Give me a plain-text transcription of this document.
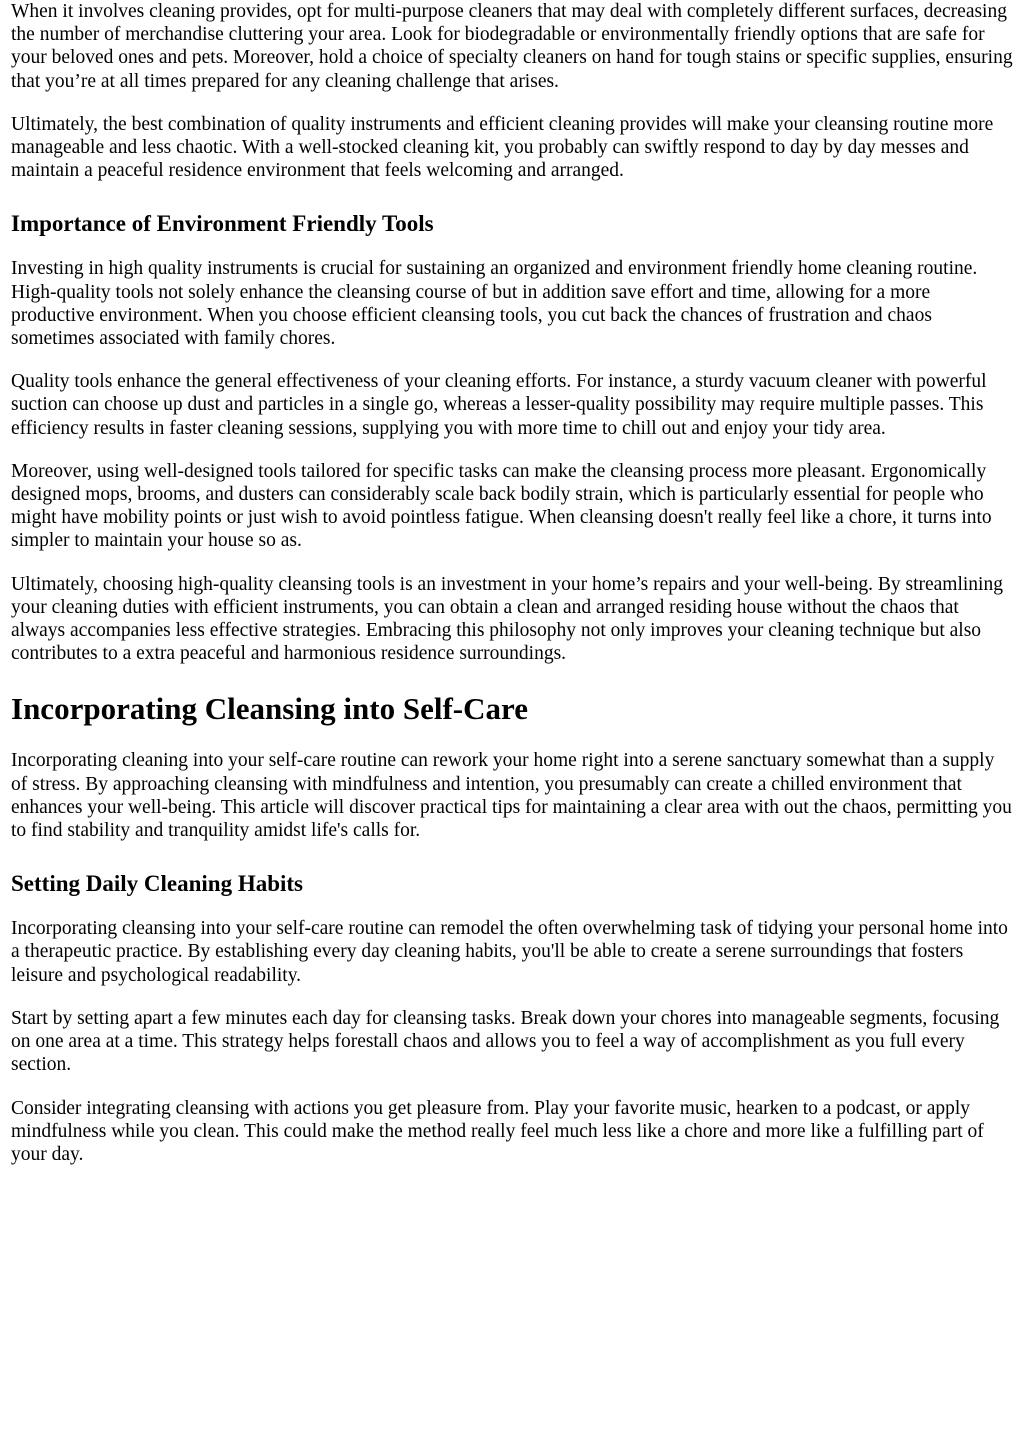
When it involves cleaning provides, opt for multi-purpose cleaners that may deal with completely different surfaces, decreasing the number of merchandise cluttering your area. Look for biodegradable or environmentally friendly options that are safe for your beloved ones and pets. Moreover, hold a choice of specialty cleaners on hand for tough stains or specific supplies, ensuring that you’re at all times prepared for any cleaning challenge that arises.

Ultimately, the best combination of quality instruments and efficient cleaning provides will make your cleansing routine more manageable and less chaotic. With a well-stocked cleaning kit, you probably can swiftly respond to day by day messes and maintain a peaceful residence environment that feels welcoming and arranged.

Importance of Environment Friendly Tools

Investing in high quality instruments is crucial for sustaining an organized and environment friendly home cleaning routine. High-quality tools not solely enhance the cleansing course of but in addition save effort and time, allowing for a more productive environment. When you choose efficient cleansing tools, you cut back the chances of frustration and chaos sometimes associated with family chores.

Quality tools enhance the general effectiveness of your cleaning efforts. For instance, a sturdy vacuum cleaner with powerful suction can choose up dust and particles in a single go, whereas a lesser-quality possibility may require multiple passes. This efficiency results in faster cleaning sessions, supplying you with more time to chill out and enjoy your tidy area.

Moreover, using well-designed tools tailored for specific tasks can make the cleansing process more pleasant. Ergonomically designed mops, brooms, and dusters can considerably scale back bodily strain, which is particularly essential for people who might have mobility points or just wish to avoid pointless fatigue. When cleansing doesn't really feel like a chore, it turns into simpler to maintain your house so as.

Ultimately, choosing high-quality cleansing tools is an investment in your home’s repairs and your well-being. By streamlining your cleaning duties with efficient instruments, you can obtain a clean and arranged residing house without the chaos that always accompanies less effective strategies. Embracing this philosophy not only improves your cleaning technique but also contributes to a extra peaceful and harmonious residence surroundings.

Incorporating Cleansing into Self-Care

Incorporating cleaning into your self-care routine can rework your home right into a serene sanctuary somewhat than a supply of stress. By approaching cleansing with mindfulness and intention, you presumably can create a chilled environment that enhances your well-being. This article will discover practical tips for maintaining a clear area with out the chaos, permitting you to find stability and tranquility amidst life's calls for.

Setting Daily Cleaning Habits

Incorporating cleansing into your self-care routine can remodel the often overwhelming task of tidying your personal home into a therapeutic practice. By establishing every day cleaning habits, you'll be able to create a serene surroundings that fosters leisure and psychological readability.

Start by setting apart a few minutes each day for cleansing tasks. Break down your chores into manageable segments, focusing on one area at a time. This strategy helps forestall chaos and allows you to feel a way of accomplishment as you full every section.

Consider integrating cleansing with actions you get pleasure from. Play your favorite music, hearken to a podcast, or apply mindfulness while you clean. This could make the method really feel much less like a chore and more like a fulfilling part of your day.
